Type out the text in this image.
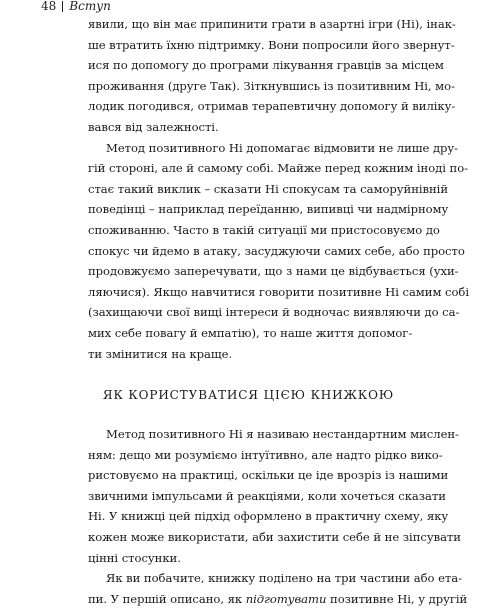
48 Вступ

явили, що він має припинити грати в азартні ігри (Ні), інак-
ше втратить їхню підтримку. Вони попросили його звернут-
ися по допомогу до програми лікування гравців за місцем
проживання (друге Так). Зіткнувшись із позитивним Ні, мо-
лодик погодився, отримав терапевтичну допомогу й виліку-
вався від залежності.

Метод позитивного Ні допомагає відмовити не лише дру-
гій стороні, але й самому собі. Майже перед кожним іноді по-
стає такий виклик – сказати Ні спокусам та саморуйнівній
поведінці – наприклад переїданню, випивці чи надмірному
споживанню. Часто в такій ситуації ми пристосовуємо до
спокус чи йдемо в атаку, засуджуючи самих себе, або просто
продовжуємо заперечувати, що з нами це відбувається (ухи-
ляючися). Якщо навчитися говорити позитивне Ні самим собі
(захищаючи свої вищі інтереси й водночас виявляючи до са-
мих себе повагу й емпатію), то наше життя допомог-
ти змінитися на краще.

ЯК КОРИСТУВАТИСЯ ЦІЄЮ КНИЖКОЮ

Метод позитивного Ні я називаю нестандартним мислен-
ням: дещо ми розуміємо інтуїтивно, але надто рідко вико-
ристовуємо на практиці, оскільки це іде врозріз із нашими
звичними імпульсами й реакціями, коли хочеться сказати
Ні. У книжці цей підхід оформлено в практичну схему, яку
кожен може використати, аби захистити себе й не зіпсувати
цінні стосунки.

Як ви побачите, книжку поділено на три частини або ета-
пи. У першій описано, як підготувати позитивне Ні, у другій
